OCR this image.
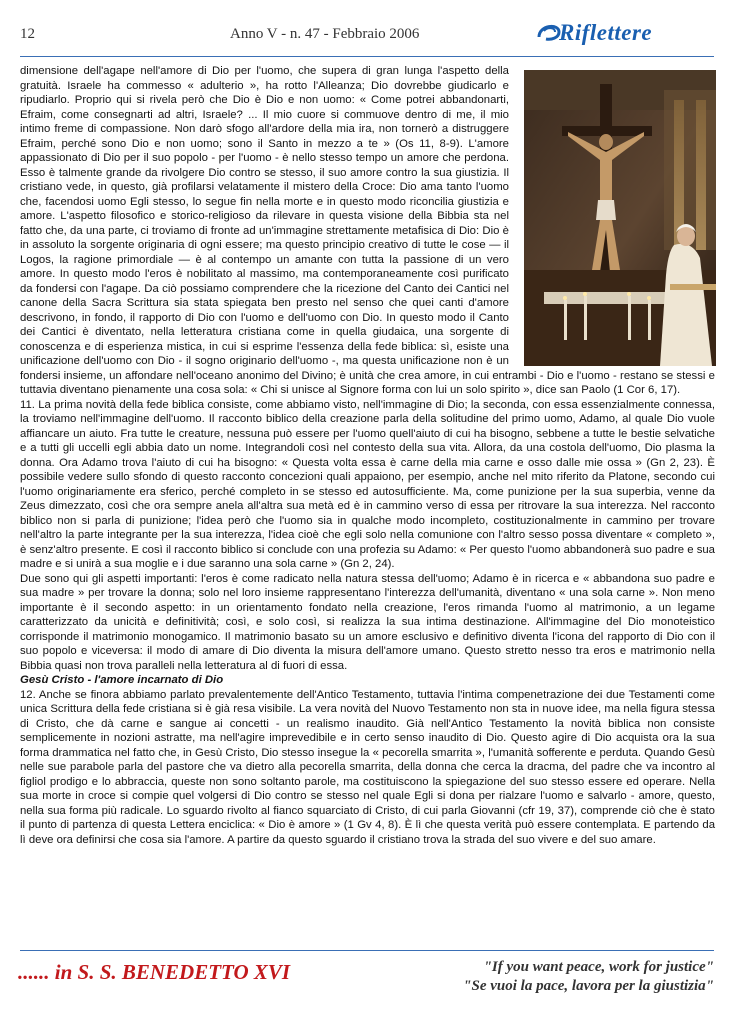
12	Anno V - n. 47 - Febbraio 2006	Riflettere

dimensione dell'agape nell'amore di Dio per l'uomo, che supera di gran lunga l'aspetto della gratuità. Israele ha commesso « adulterio », ha rotto l'Alleanza; Dio dovrebbe giudicarlo e ripudiarlo. Proprio qui si rivela però che Dio è Dio e non uomo: « Come potrei abbandonarti, Efraim, come consegnarti ad altri, Israele? ... Il mio cuore si commuove dentro di me, il mio intimo freme di compassione. Non darò sfogo all'ardore della mia ira, non tornerò a distruggere Efraim, perché sono Dio e non uomo; sono il Santo in mezzo a te » (Os 11, 8-9). L'amore appassionato di Dio per il suo popolo - per l'uomo - è nello stesso tempo un amore che perdona. Esso è talmente grande da rivolgere Dio contro se stesso, il suo amore contro la sua giustizia. Il cristiano vede, in questo, già profilarsi velatamente il mistero della Croce: Dio ama tanto l'uomo che, facendosi uomo Egli stesso, lo segue fin nella morte e in questo modo riconcilia giustizia e amore. L'aspetto filosofico e storico-religioso da rilevare in questa visione della Bibbia sta nel fatto che, da una parte, ci troviamo di fronte ad un'immagine strettamente metafisica di Dio: Dio è in assoluto la sorgente originaria di ogni essere; ma questo principio creativo di tutte le cose — il Logos, la ragione primordiale — è al contempo un amante con tutta la passione di un vero amore. In questo modo l'eros è nobilitato al massimo, ma contemporaneamente così purificato da fondersi con l'agape. Da ciò possiamo comprendere che la ricezione del Canto dei Cantici nel canone della Sacra Scrittura sia stata spiegata ben presto nel senso che quei canti d'amore descrivono, in fondo, il rapporto di Dio con l'uomo e dell'uomo con Dio. In questo modo il Canto dei Cantici è diventato, nella letteratura cristiana come in quella giudaica, una sorgente di conoscenza e di esperienza mistica, in cui si esprime l'essenza della fede biblica: sì, esiste una unificazione dell'uomo con Dio - il sogno originario dell'uomo -, ma questa unificazione non è un fondersi insieme, un affondare nell'oceano anonimo del Divino; è unità che crea amore, in cui entrambi - Dio e l'uomo - restano se stessi e tuttavia diventano pienamente una cosa sola: « Chi si unisce al Signore forma con lui un solo spirito », dice san Paolo (1 Cor 6, 17).

11. La prima novità della fede biblica consiste, come abbiamo visto, nell'immagine di Dio; la seconda, con essa essenzialmente connessa, la troviamo nell'immagine dell'uomo. Il racconto biblico della creazione parla della solitudine del primo uomo, Adamo, al quale Dio vuole affiancare un aiuto. Fra tutte le creature, nessuna può essere per l'uomo quell'aiuto di cui ha bisogno, sebbene a tutte le bestie selvatiche e a tutti gli uccelli egli abbia dato un nome. Integrandoli così nel contesto della sua vita. Allora, da una costola dell'uomo, Dio plasma la donna. Ora Adamo trova l'aiuto di cui ha bisogno: « Questa volta essa è carne della mia carne e osso dalle mie ossa » (Gn 2, 23). È possibile vedere sullo sfondo di questo racconto concezioni quali appaiono, per esempio, anche nel mito riferito da Platone, secondo cui l'uomo originariamente era sferico, perché completo in se stesso ed autosufficiente. Ma, come punizione per la sua superbia, venne da Zeus dimezzato, così che ora sempre anela all'altra sua metà ed è in cammino verso di essa per ritrovare la sua interezza. Nel racconto biblico non si parla di punizione; l'idea però che l'uomo sia in qualche modo incompleto, costituzionalmente in cammino per trovare nell'altro la parte integrante per la sua interezza, l'idea cioè che egli solo nella comunione con l'altro sesso possa diventare « completo », è senz'altro presente. E così il racconto biblico si conclude con una profezia su Adamo: « Per questo l'uomo abbandonerà suo padre e sua madre e si unirà a sua moglie e i due saranno una sola carne » (Gn 2, 24).

Due sono qui gli aspetti importanti: l'eros è come radicato nella natura stessa dell'uomo; Adamo è in ricerca e « abbandona suo padre e sua madre » per trovare la donna; solo nel loro insieme rappresentano l'interezza dell'umanità, diventano « una sola carne ». Non meno importante è il secondo aspetto: in un orientamento fondato nella creazione, l'eros rimanda l'uomo al matrimonio, a un legame caratterizzato da unicità e definitività; così, e solo così, si realizza la sua intima destinazione. All'immagine del Dio monoteistico corrisponde il matrimonio monogamico. Il matrimonio basato su un amore esclusivo e definitivo diventa l'icona del rapporto di Dio con il suo popolo e viceversa: il modo di amare di Dio diventa la misura dell'amore umano. Questo stretto nesso tra eros e matrimonio nella Bibbia quasi non trova paralleli nella letteratura al di fuori di essa.

Gesù Cristo - l'amore incarnato di Dio

12. Anche se finora abbiamo parlato prevalentemente dell'Antico Testamento, tuttavia l'intima compenetrazione dei due Testamenti come unica Scrittura della fede cristiana si è già resa visibile. La vera novità del Nuovo Testamento non sta in nuove idee, ma nella figura stessa di Cristo, che dà carne e sangue ai concetti - un realismo inaudito. Già nell'Antico Testamento la novità biblica non consiste semplicemente in nozioni astratte, ma nell'agire imprevedibile e in certo senso inaudito di Dio. Questo agire di Dio acquista ora la sua forma drammatica nel fatto che, in Gesù Cristo, Dio stesso insegue la « pecorella smarrita », l'umanità sofferente e perduta. Quando Gesù nelle sue parabole parla del pastore che va dietro alla pecorella smarrita, della donna che cerca la dracma, del padre che va incontro al figliol prodigo e lo abbraccia, queste non sono soltanto parole, ma costituiscono la spiegazione del suo stesso essere ed operare. Nella sua morte in croce si compie quel volgersi di Dio contro se stesso nel quale Egli si dona per rialzare l'uomo e salvarlo - amore, questo, nella sua forma più radicale. Lo sguardo rivolto al fianco squarciato di Cristo, di cui parla Giovanni (cfr 19, 37), comprende ciò che è stato il punto di partenza di questa Lettera enciclica: « Dio è amore » (1 Gv 4, 8). È lì che questa verità può essere contemplata. E partendo da lì deve ora definirsi che cosa sia l'amore. A partire da questo sguardo il cristiano trova la strada del suo vivere e del suo amare.

...... in S. S. BENEDETTO XVI	"If you want peace, work for justice"
"Se vuoi la pace, lavora per la giustizia"
